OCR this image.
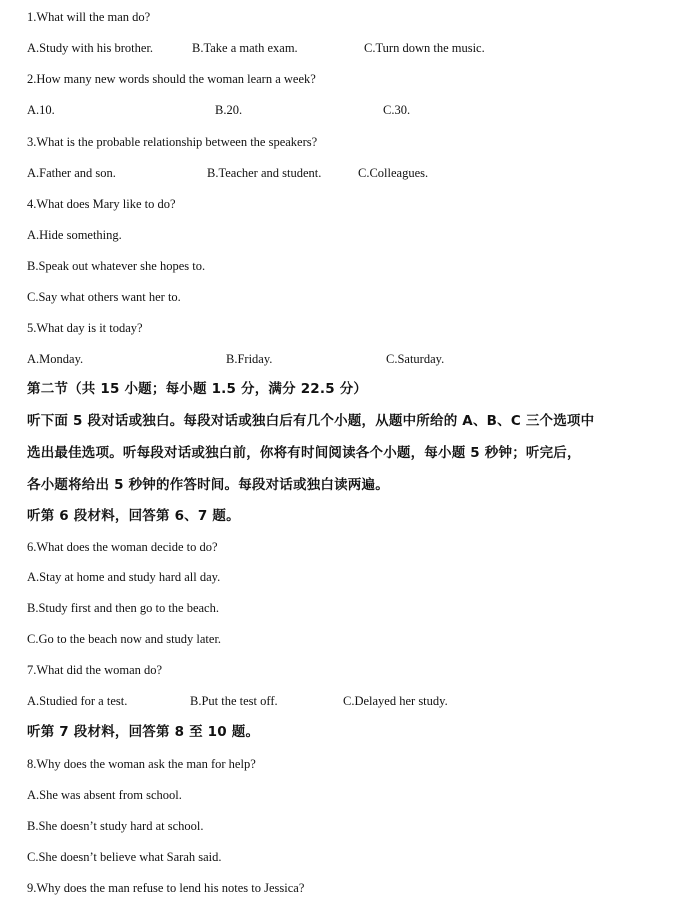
1.What will the man do?
A.Study with his brother.	B.Take a math exam.	C.Turn down the music.
2.How many new words should the woman learn a week?
A.10.	B.20.	C.30.
3.What is the probable relationship between the speakers?
A.Father and son.	B.Teacher and student.	C.Colleagues.
4.What does Mary like to do?
A.Hide something.
B.Speak out whatever she hopes to.
C.Say what others want her to.
5.What day is it today?
A.Monday.	B.Friday.	C.Saturday.
第二节（共 15 小题；每小题 1.5 分，满分 22.5 分）
听下面 5 段对话或独白。每段对话或独白后有几个小题，从题中所给的 A、B、C 三个选项中
选出最佳选项。听每段对话或独白前，你将有时间阅读各个小题，每小题 5 秒钟；听完后，
各小题将给出 5 秒钟的作答时间。每段对话或独白读两遍。
听第 6 段材料，回答第 6、7 题。
6.What does the woman decide to do?
A.Stay at home and study hard all day.
B.Study first and then go to the beach.
C.Go to the beach now and study later.
7.What did the woman do?
A.Studied for a test.	B.Put the test off.	C.Delayed her study.
听第 7 段材料，回答第 8 至 10 题。
8.Why does the woman ask the man for help?
A.She was absent from school.
B.She doesn’t study hard at school.
C.She doesn’t believe what Sarah said.
9.Why does the man refuse to lend his notes to Jessica?
